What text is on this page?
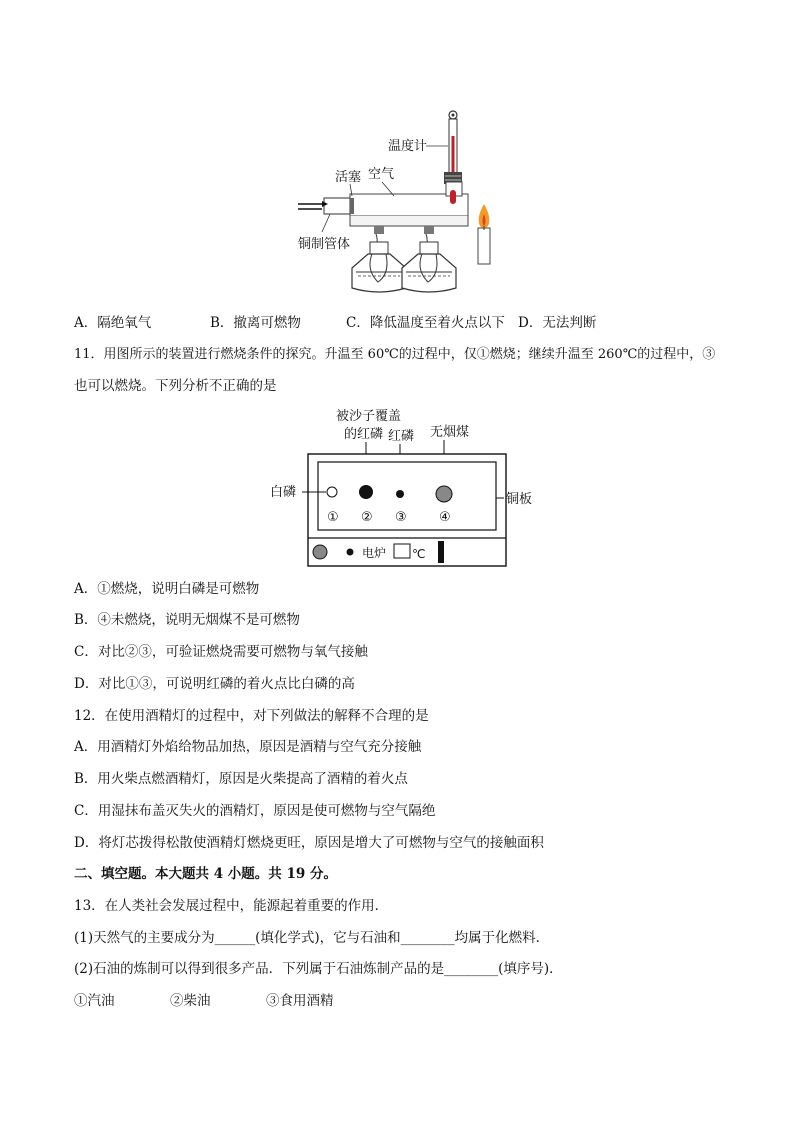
温度计
活塞 空气
铜制管体
A．隔绝氧气	B．撤离可燃物	C．降低温度至着火点以下 D．无法判断
11．用图所示的装置进行燃烧条件的探究。升温至 60℃的过程中，仅①燃烧；继续升温至 260℃的过程中，③
也可以燃烧。下列分析不正确的是
被沙子覆盖
的红磷 红磷 无烟煤
白磷	铜板
① ② ③ ④
电炉 ℃
A．①燃烧，说明白磷是可燃物
B．④未燃烧，说明无烟煤不是可燃物
C．对比②③，可验证燃烧需要可燃物与氧气接触
D．对比①③，可说明红磷的着火点比白磷的高
12．在使用酒精灯的过程中，对下列做法的解释不合理的是
A．用酒精灯外焰给物品加热，原因是酒精与空气充分接触
B．用火柴点燃酒精灯，原因是火柴提高了酒精的着火点
C．用湿抹布盖灭失火的酒精灯，原因是使可燃物与空气隔绝
D．将灯芯拨得松散使酒精灯燃烧更旺，原因是增大了可燃物与空气的接触面积
二、填空题。本大题共 4 小题。共 19 分。
13．在人类社会发展过程中，能源起着重要的作用．
(1)天然气的主要成分为______(填化学式)，它与石油和________均属于化燃料．
(2)石油的炼制可以得到很多产品．下列属于石油炼制产品的是________(填序号)．
①汽油	②柴油	③食用酒精
